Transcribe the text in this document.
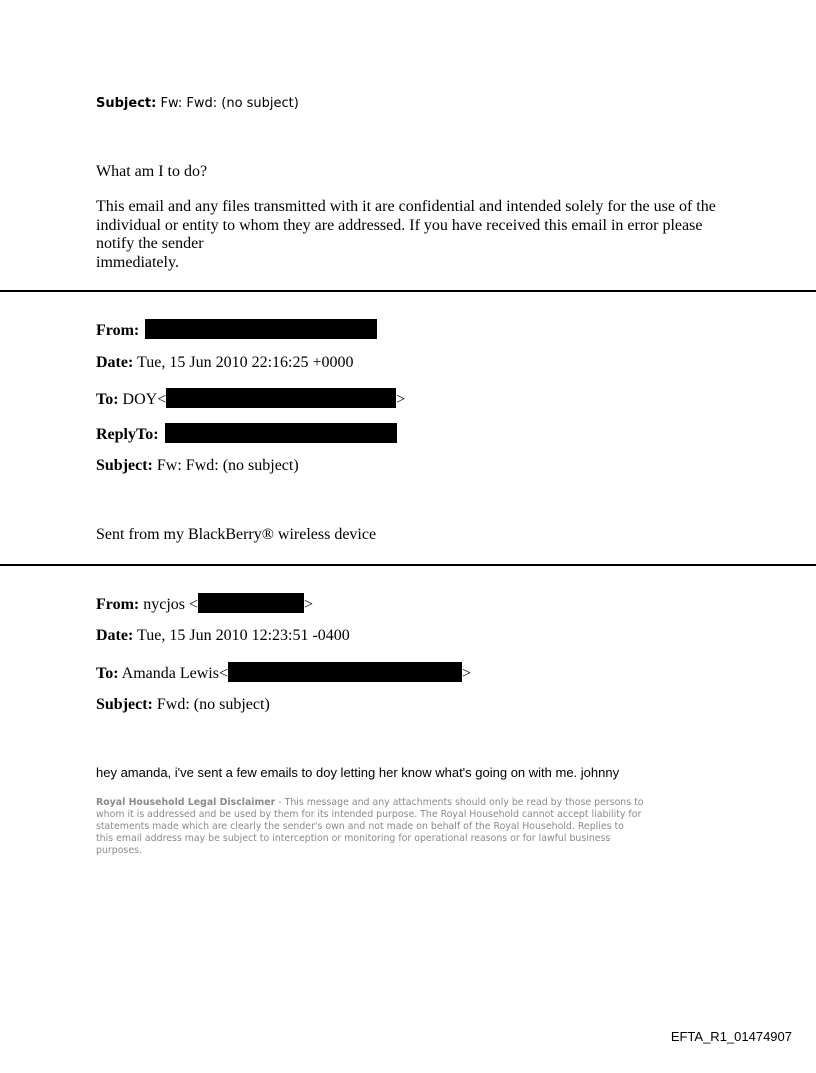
Subject: Fw: Fwd: (no subject)
What am I to do?
This email and any files transmitted with it are confidential and intended solely for the use of the
individual or entity to whom they are addressed. If you have received this email in error please
notify the sender
immediately.
From:
Date: Tue, 15 Jun 2010 22:16:25 +0000
To: DOY<	>
ReplyTo:
Subject: Fw: Fwd: (no subject)
Sent from my BlackBerry® wireless device
From: nycjos <	>
Date: Tue, 15 Jun 2010 12:23:51 -0400
To: Amanda Lewis<	>
Subject: Fwd: (no subject)
hey amanda, i've sent a few emails to doy letting her know what's going on with me. johnny
Royal Household Legal Disclaimer - This message and any attachments should only be read by those persons to
whom it is addressed and be used by them for its intended purpose. The Royal Household cannot accept liability for
statements made which are clearly the sender's own and not made on behalf of the Royal Household. Replies to
this email address may be subject to interception or monitoring for operational reasons or for lawful business
purposes.
EFTA_R1_01474907
